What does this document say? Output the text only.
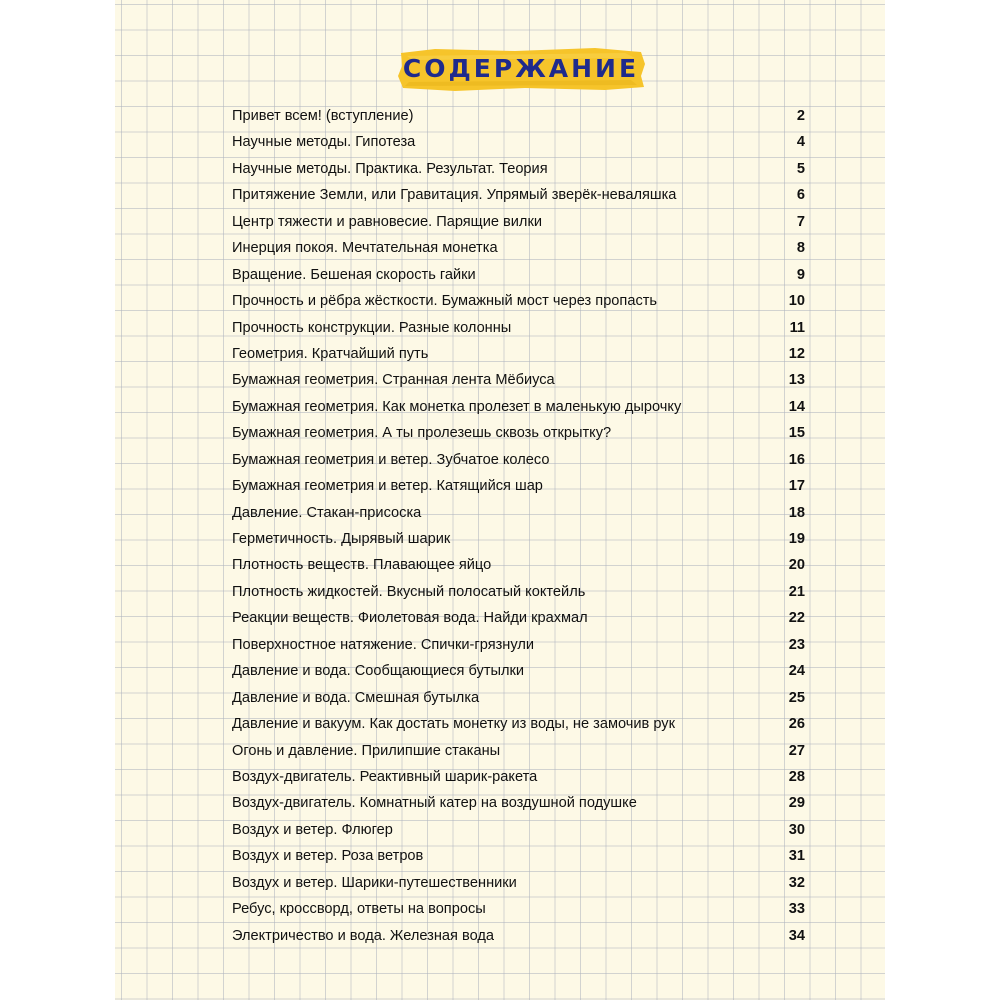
СОДЕРЖАНИЕ
Привет всем! (вступление)	2
Научные методы. Гипотеза	4
Научные методы. Практика. Результат. Теория	5
Притяжение Земли, или Гравитация. Упрямый зверёк-неваляшка	6
Центр тяжести и равновесие. Парящие вилки	7
Инерция покоя. Мечтательная монетка	8
Вращение. Бешеная скорость гайки	9
Прочность и рёбра жёсткости. Бумажный мост через пропасть	10
Прочность конструкции. Разные колонны	11
Геометрия. Кратчайший путь	12
Бумажная геометрия. Странная лента Мёбиуса	13
Бумажная геометрия. Как монетка пролезет в маленькую дырочку	14
Бумажная геометрия. А ты пролезешь сквозь открытку?	15
Бумажная геометрия и ветер. Зубчатое колесо	16
Бумажная геометрия и ветер. Катящийся шар	17
Давление. Стакан-присоска	18
Герметичность. Дырявый шарик	19
Плотность веществ. Плавающее яйцо	20
Плотность жидкостей. Вкусный полосатый коктейль	21
Реакции веществ. Фиолетовая вода. Найди крахмал	22
Поверхностное натяжение. Спички-грязнули	23
Давление и вода. Сообщающиеся бутылки	24
Давление и вода. Смешная бутылка	25
Давление и вакуум. Как достать монетку из воды, не замочив рук	26
Огонь и давление. Прилипшие стаканы	27
Воздух-двигатель. Реактивный шарик-ракета	28
Воздух-двигатель. Комнатный катер на воздушной подушке	29
Воздух и ветер. Флюгер	30
Воздух и ветер. Роза ветров	31
Воздух и ветер. Шарики-путешественники	32
Ребус, кроссворд, ответы на вопросы	33
Электричество и вода. Железная вода	34
